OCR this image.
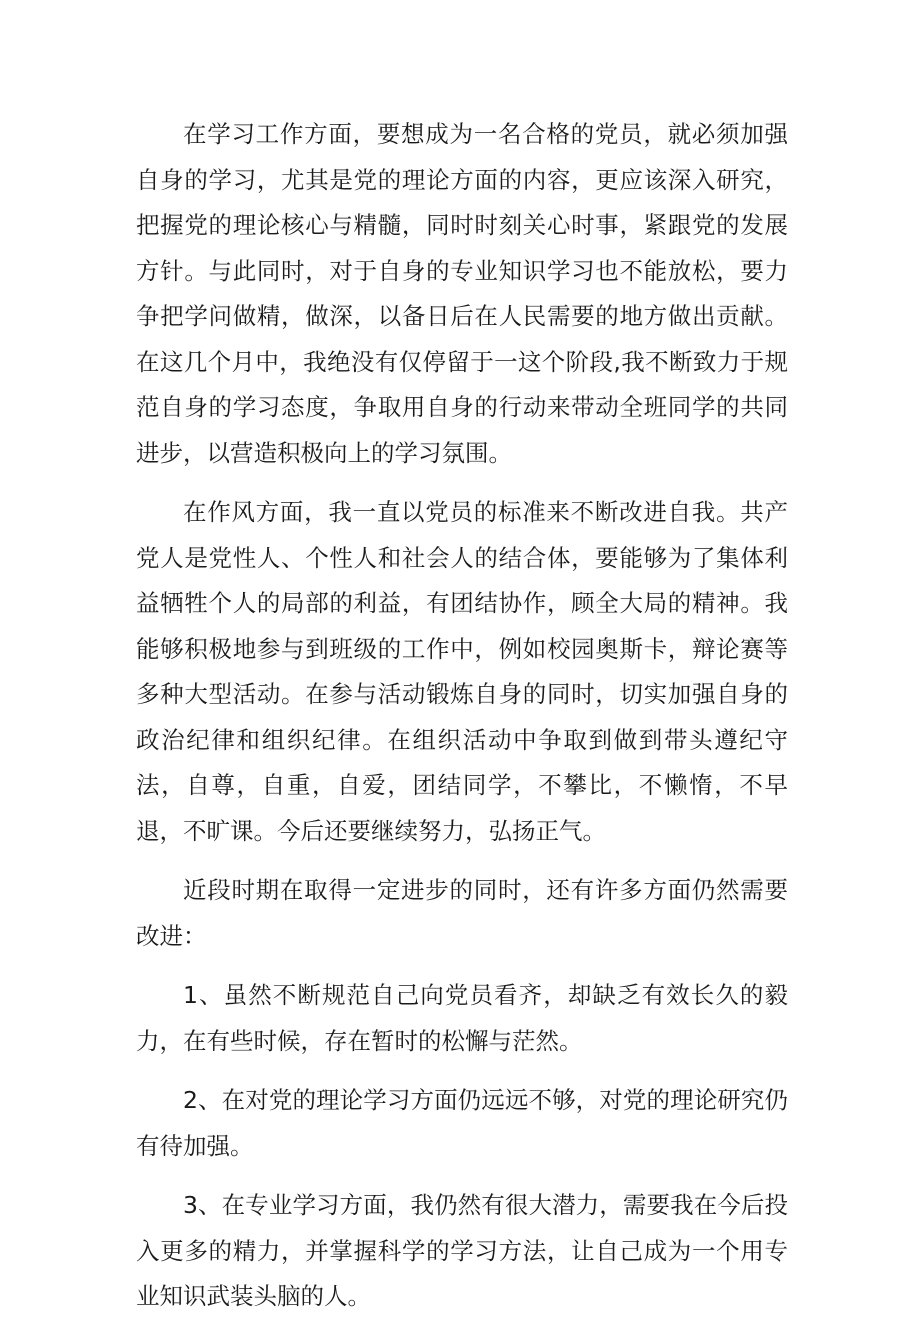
在学习工作方面，要想成为一名合格的党员，就必须加强自身的学习，尤其是党的理论方面的内容，更应该深入研究，把握党的理论核心与精髓，同时时刻关心时事，紧跟党的发展方针。与此同时，对于自身的专业知识学习也不能放松，要力争把学问做精，做深，以备日后在人民需要的地方做出贡献。在这几个月中，我绝没有仅停留于一这个阶段,我不断致力于规范自身的学习态度，争取用自身的行动来带动全班同学的共同进步，以营造积极向上的学习氛围。

在作风方面，我一直以党员的标准来不断改进自我。共产党人是党性人、个性人和社会人的结合体，要能够为了集体利益牺牲个人的局部的利益，有团结协作，顾全大局的精神。我能够积极地参与到班级的工作中，例如校园奥斯卡，辩论赛等多种大型活动。在参与活动锻炼自身的同时，切实加强自身的政治纪律和组织纪律。在组织活动中争取到做到带头遵纪守法，自尊，自重，自爱，团结同学，不攀比，不懒惰，不早退，不旷课。今后还要继续努力，弘扬正气。

近段时期在取得一定进步的同时，还有许多方面仍然需要改进：

1、虽然不断规范自己向党员看齐，却缺乏有效长久的毅力，在有些时候，存在暂时的松懈与茫然。

2、在对党的理论学习方面仍远远不够，对党的理论研究仍有待加强。

3、在专业学习方面，我仍然有很大潜力，需要我在今后投入更多的精力，并掌握科学的学习方法，让自己成为一个用专业知识武装头脑的人。
